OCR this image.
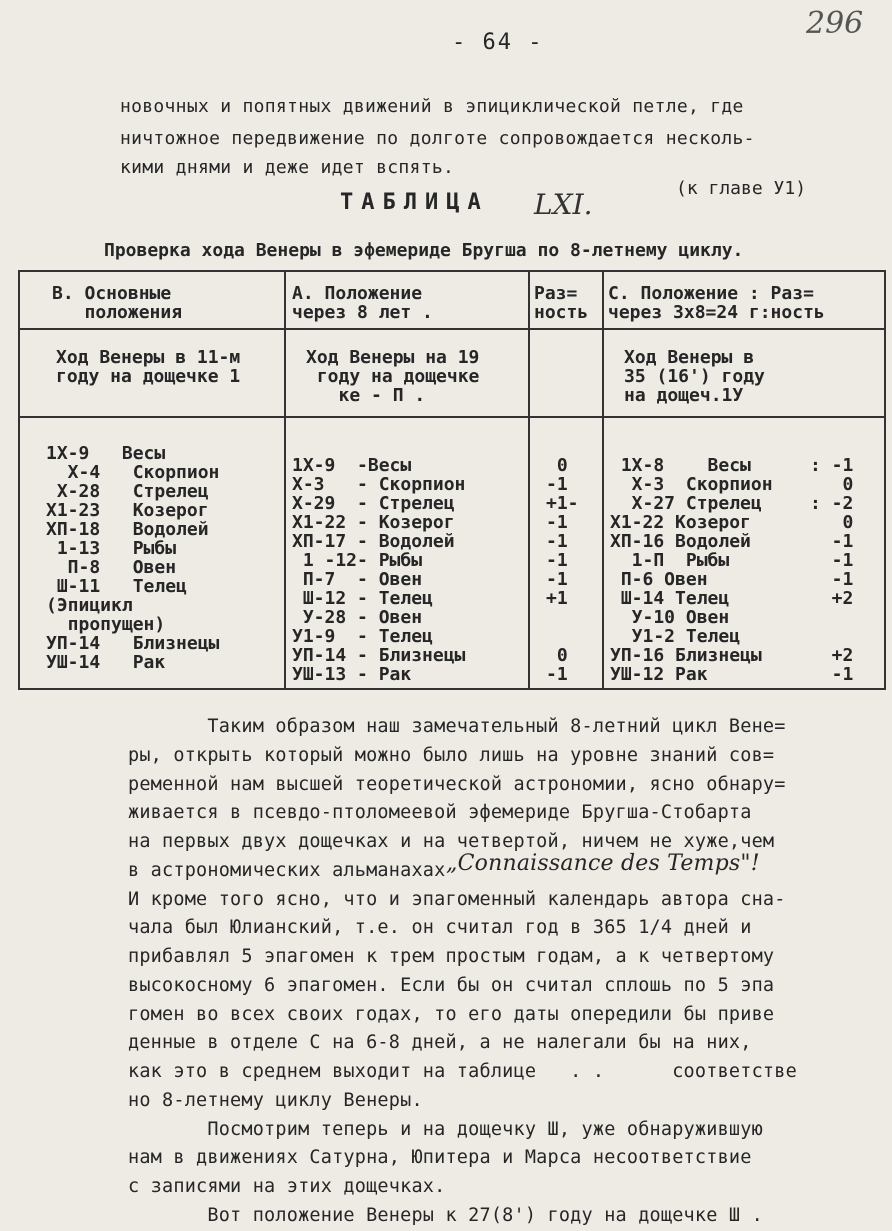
- 64 -
296
новочных и попятных движений в эпициклической петле, где
ничтожное передвижение по долготе сопровождается несколь-
кими днями и деже идет вспять.
ТАБЛИЦА LXI.	(к главе У1)
Проверка хода Венеры в эфемериде Бругша по 8-летнему циклу.
В. Основные
положения
А. Положение
через 8 лет .
Раз=
ность
С. Положение : Раз=
через 3х8=24 г:ность
Ход Венеры в 11-м
году на дощечке 1
Ход Венеры на 19
году на дощечке
ке - П .
Ход Венеры в
35 (16') году
на дощеч.1У
1Х-9   Весы
Х-4   Скорпион
Х-28   Стрелец
Х1-23   Козерог
ХП-18   Водолей
1-13   Рыбы
П-8   Овен
Ш-11   Телец
(Эпицикл
пропущен)
УП-14   Близнецы
УШ-14   Рак
1Х-9  -Весы
Х-3   - Скорпион
Х-29  - Стрелец
Х1-22 - Козерог
ХП-17 - Водолей
1 -12- Рыбы
П-7  - Овен
Ш-12 - Телец
У-28 - Овен
У1-9  - Телец
УП-14 - Близнецы
УШ-13 - Рак
0
-1
+1-
-1
-1
-1
-1
+1

0
-1
1Х-8    Весы
Х-3  Скорпион
Х-27 Стрелец
Х1-22 Козерог
ХП-16 Водолей
1-П  Рыбы
П-6 Овен
Ш-14 Телец
У-10 Овен
У1-2 Телец
УП-16 Близнецы
УШ-12 Рак
: -1
0
: -2
0
-1
-1
-1
+2

+2
-1
Таким образом наш замечательный 8-летний цикл Вене=
ры, открыть который можно было лишь на уровне знаний сов=
ременной нам высшей теоретической астрономии, ясно обнару=
живается в псевдо-птоломеевой эфемериде Бругша-Стобарта
на первых двух дощечках и на четвертой, ничем не хуже,чем
в астрономических альманахах „Connaissance des Temps"!
И кроме того ясно, что и эпагоменный календарь автора сна-
чала был Юлианский, т.е. он считал год в 365 1/4 дней и
прибавлял 5 эпагомен к трем простым годам, а к четвертому
высокосному 6 эпагомен. Если бы он считал сплошь по 5 эпа
гомен во всех своих годах, то его даты опередили бы приве
денные в отделе С на 6-8 дней, а не налегали бы на них,
как это в среднем выходит на таблице   . .      соответстве
но 8-летнему циклу Венеры.
Посмотрим теперь и на дощечку Ш, уже обнаружившую
нам в движениях Сатурна, Юпитера и Марса несоответствие
с записями на этих дощечках.
Вот положение Венеры к 27(8') году на дощечке Ш .
